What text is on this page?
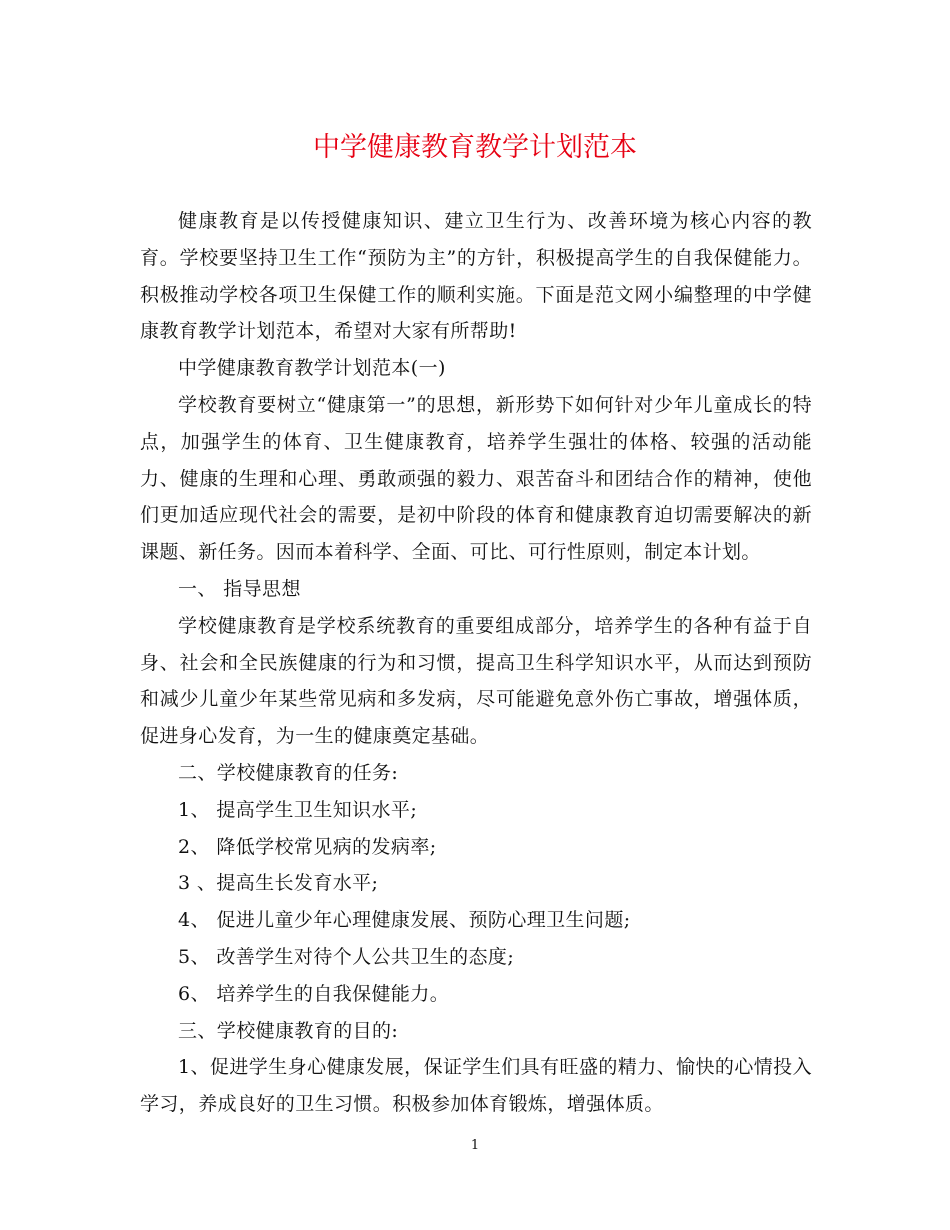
中学健康教育教学计划范本

健康教育是以传授健康知识、建立卫生行为、改善环境为核心内容的教育。学校要坚持卫生工作“预防为主”的方针，积极提高学生的自我保健能力。积极推动学校各项卫生保健工作的顺利实施。下面是范文网小编整理的中学健康教育教学计划范本，希望对大家有所帮助!

中学健康教育教学计划范本(一)

学校教育要树立“健康第一”的思想，新形势下如何针对少年儿童成长的特点，加强学生的体育、卫生健康教育，培养学生强壮的体格、较强的活动能力、健康的生理和心理、勇敢顽强的毅力、艰苦奋斗和团结合作的精神，使他们更加适应现代社会的需要，是初中阶段的体育和健康教育迫切需要解决的新课题、新任务。因而本着科学、全面、可比、可行性原则，制定本计划。

一、 指导思想

学校健康教育是学校系统教育的重要组成部分，培养学生的各种有益于自身、社会和全民族健康的行为和习惯，提高卫生科学知识水平，从而达到预防和减少儿童少年某些常见病和多发病，尽可能避免意外伤亡事故，增强体质，促进身心发育，为一生的健康奠定基础。

二、学校健康教育的任务:

1、 提高学生卫生知识水平;

2、 降低学校常见病的发病率;

3 、提高生长发育水平;

4、 促进儿童少年心理健康发展、预防心理卫生问题;

5、 改善学生对待个人公共卫生的态度;

6、 培养学生的自我保健能力。

三、学校健康教育的目的:

1、促进学生身心健康发展，保证学生们具有旺盛的精力、愉快的心情投入学习，养成良好的卫生习惯。积极参加体育锻炼，增强体质。

1
